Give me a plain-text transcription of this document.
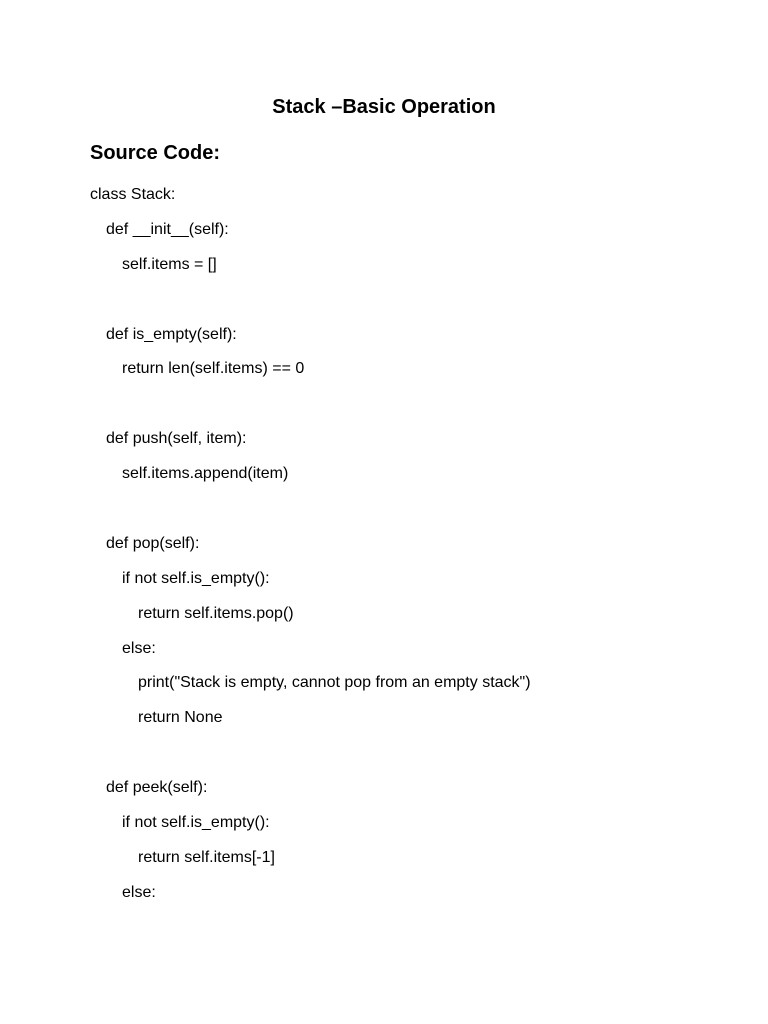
Stack –Basic Operation
Source Code:
class Stack:
def __init__(self):
self.items = []
def is_empty(self):
return len(self.items) == 0
def push(self, item):
self.items.append(item)
def pop(self):
if not self.is_empty():
return self.items.pop()
else:
print("Stack is empty, cannot pop from an empty stack")
return None
def peek(self):
if not self.is_empty():
return self.items[-1]
else:
